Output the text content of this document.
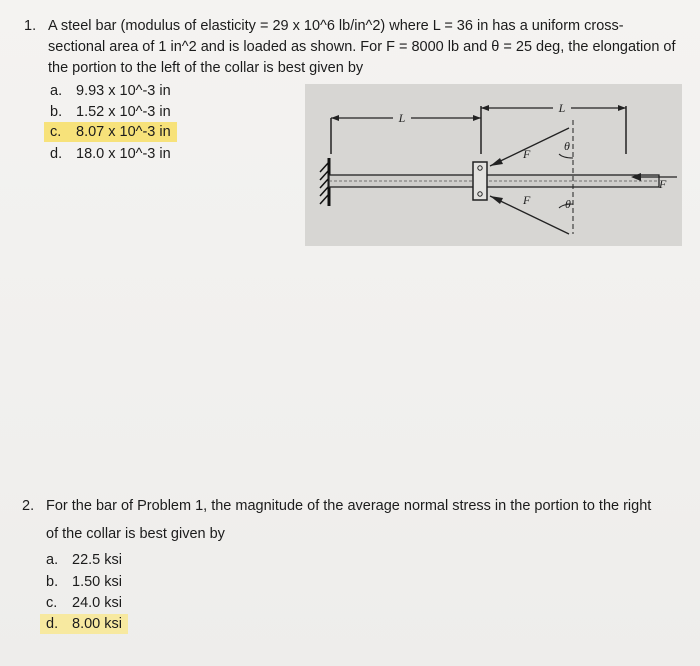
1. A steel bar (modulus of elasticity = 29 x 10^6 lb/in^2) where L = 36 in has a uniform cross-
sectional area of 1 in^2 and is loaded as shown. For F = 8000 lb and θ = 25 deg, the elongation of
the portion to the left of the collar is best given by
a. 9.93 x 10^-3 in
b. 1.52 x 10^-3 in
c. 8.07 x 10^-3 in
d. 18.0 x 10^-3 in
L
L
F
F
θ
θ
F
2. For the bar of Problem 1, the magnitude of the average normal stress in the portion to the right
of the collar is best given by
a. 22.5 ksi
b. 1.50 ksi
c. 24.0 ksi
d. 8.00 ksi
